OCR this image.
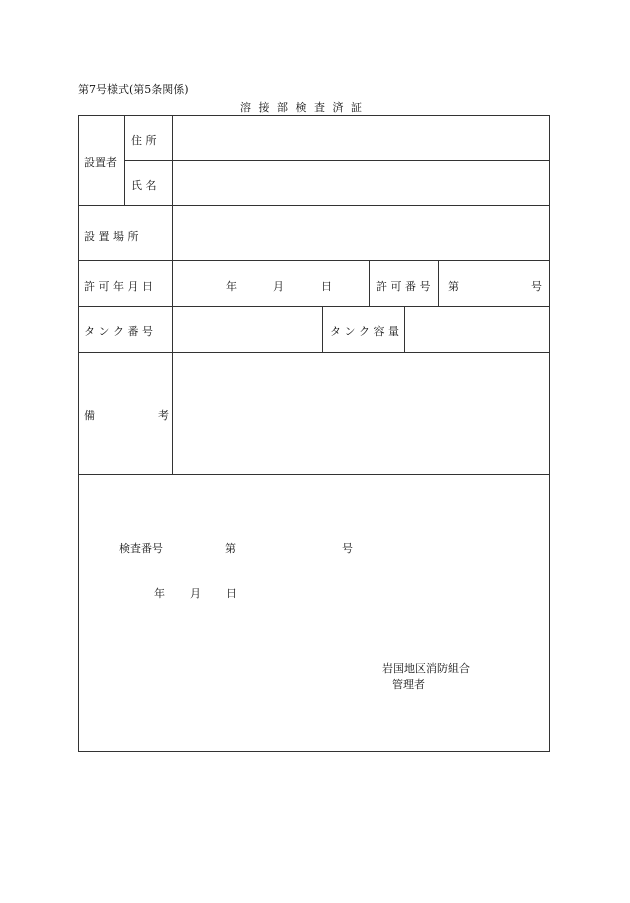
第7号様式(第5条関係)
溶 接 部 検 査 済 証
設置者
住 所
氏 名
設 置 場 所
許 可 年 月 日	年	月	日	許 可 番 号 第	号
タ ン ク 番 号	タ ン ク 容 量
備	考
検査番号	第	号
年 月 日
岩国地区消防組合
管理者
